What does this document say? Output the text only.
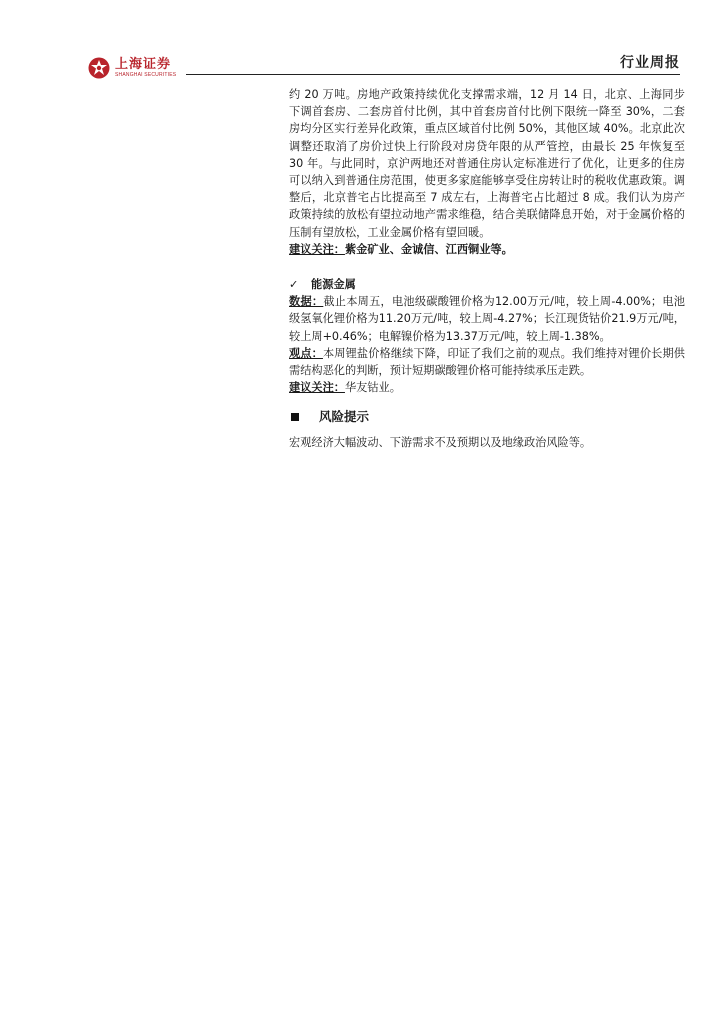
上海证券
SHANGHAI SECURITIES
行业周报

约 20 万吨。房地产政策持续优化支撑需求端，12 月 14 日，北京、上海同步下调首套房、二套房首付比例，其中首套房首付比例下限统一降至 30%，二套房均分区实行差异化政策，重点区域首付比例 50%，其他区域 40%。北京此次调整还取消了房价过快上行阶段对房贷年限的从严管控，由最长 25 年恢复至 30 年。与此同时，京沪两地还对普通住房认定标准进行了优化，让更多的住房可以纳入到普通住房范围，使更多家庭能够享受住房转让时的税收优惠政策。调整后，北京普宅占比提高至 7 成左右，上海普宅占比超过 8 成。我们认为房产政策持续的放松有望拉动地产需求维稳，结合美联储降息开始，对于金属价格的压制有望放松，工业金属价格有望回暖。
建议关注：紫金矿业、金诚信、江西铜业等。

✓	能源金属

数据：截止本周五，电池级碳酸锂价格为12.00万元/吨，较上周-4.00%；电池级氢氧化锂价格为11.20万元/吨，较上周-4.27%；长江现货钴价21.9万元/吨，较上周+0.46%；电解镍价格为13.37万元/吨，较上周-1.38%。

观点：本周锂盐价格继续下降，印证了我们之前的观点。我们维持对锂价长期供需结构恶化的判断，预计短期碳酸锂价格可能持续承压走跌。

建议关注：华友钴业。

风险提示

宏观经济大幅波动、下游需求不及预期以及地缘政治风险等。
